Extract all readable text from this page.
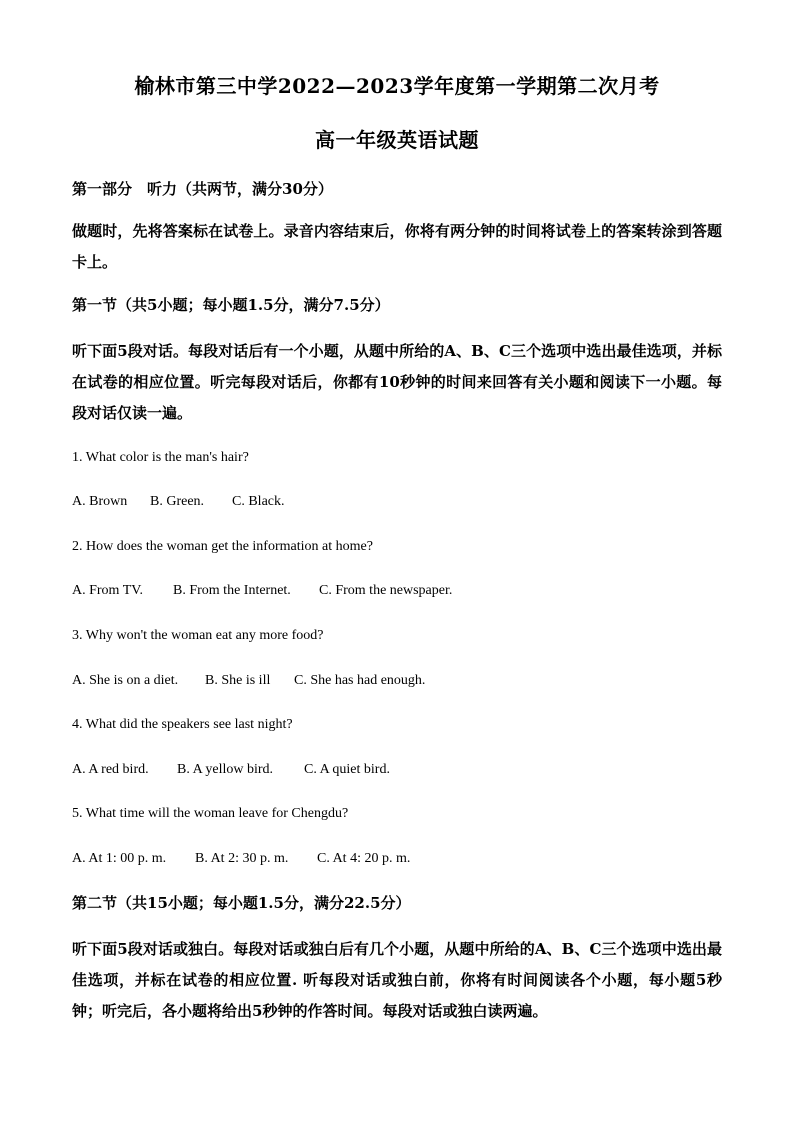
榆林市第三中学2022—2023学年度第一学期第二次月考
高一年级英语试题
第一部分　听力（共两节，满分30分）
做题时，先将答案标在试卷上。录音内容结束后，你将有两分钟的时间将试卷上的答案转涂到答题卡上。
第一节（共5小题；每小题1.5分，满分7.5分）
听下面5段对话。每段对话后有一个小题，从题中所给的A、B、C三个选项中选出最佳选项，并标在试卷的相应位置。听完每段对话后，你都有10秒钟的时间来回答有关小题和阅读下一小题。每段对话仅读一遍。
1. What color is the man's hair?
A. Brown B. Green. C. Black.
2. How does the woman get the information at home?
A. From TV. B. From the Internet. C. From the newspaper.
3. Why won't the woman eat any more food?
A. She is on a diet. B. She is ill C. She has had enough.
4. What did the speakers see last night?
A. A red bird. B. A yellow bird. C. A quiet bird.
5. What time will the woman leave for Chengdu?
A. At 1: 00 p. m. B. At 2: 30 p. m. C. At 4: 20 p. m.
第二节（共15小题；每小题1.5分，满分22.5分）
听下面5段对话或独白。每段对话或独白后有几个小题，从题中所给的A、B、C三个选项中选出最佳选项，并标在试卷的相应位置. 听每段对话或独白前，你将有时间阅读各个小题，每小题5秒钟；听完后，各小题将给出5秒钟的作答时间。每段对话或独白读两遍。
